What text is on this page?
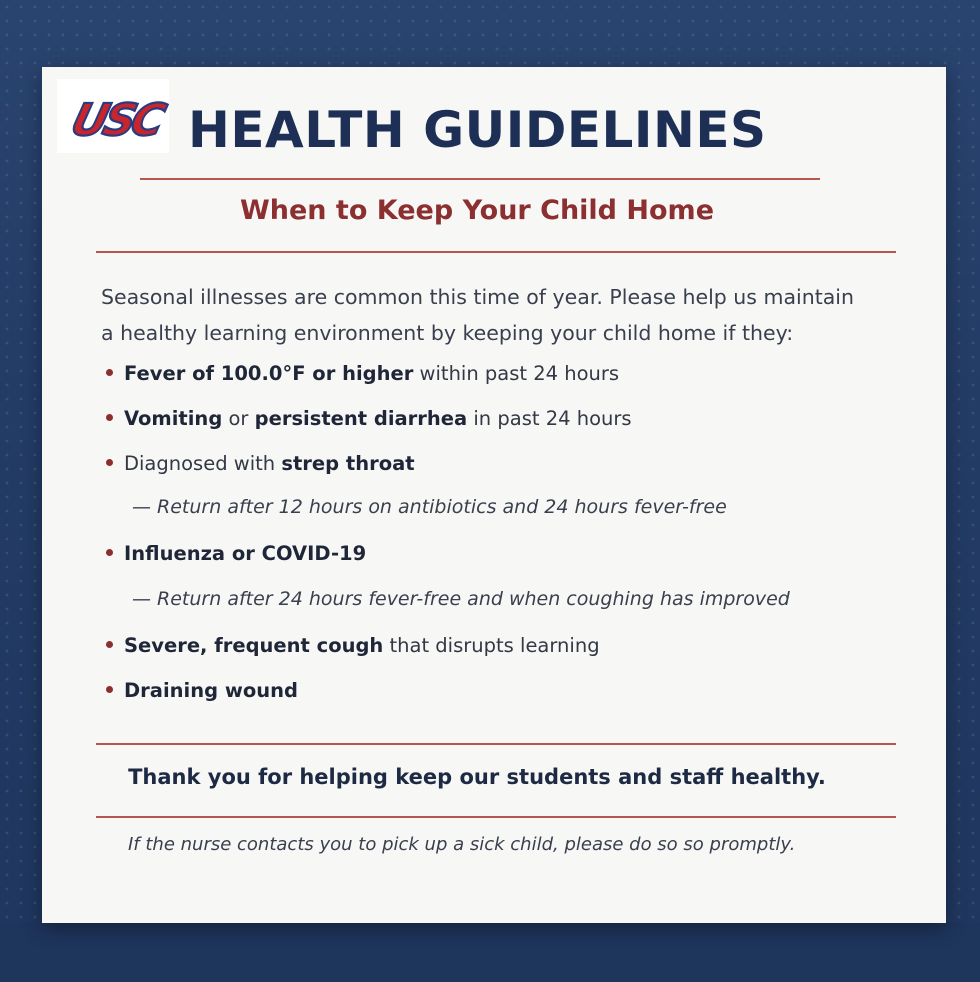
USC HEALTH GUIDELINES
When to Keep Your Child Home

Seasonal illnesses are common this time of year. Please help us maintain
a healthy learning environment by keeping your child home if they:

Fever of 100.0°F or higher within past 24 hours
Vomiting or persistent diarrhea in past 24 hours
Diagnosed with strep throat
— Return after 12 hours on antibiotics and 24 hours fever-free
Influenza or COVID-19
— Return after 24 hours fever-free and when coughing has improved
Severe, frequent cough that disrupts learning
Draining wound

Thank you for helping keep our students and staff healthy.

If the nurse contacts you to pick up a sick child, please do so so promptly.
